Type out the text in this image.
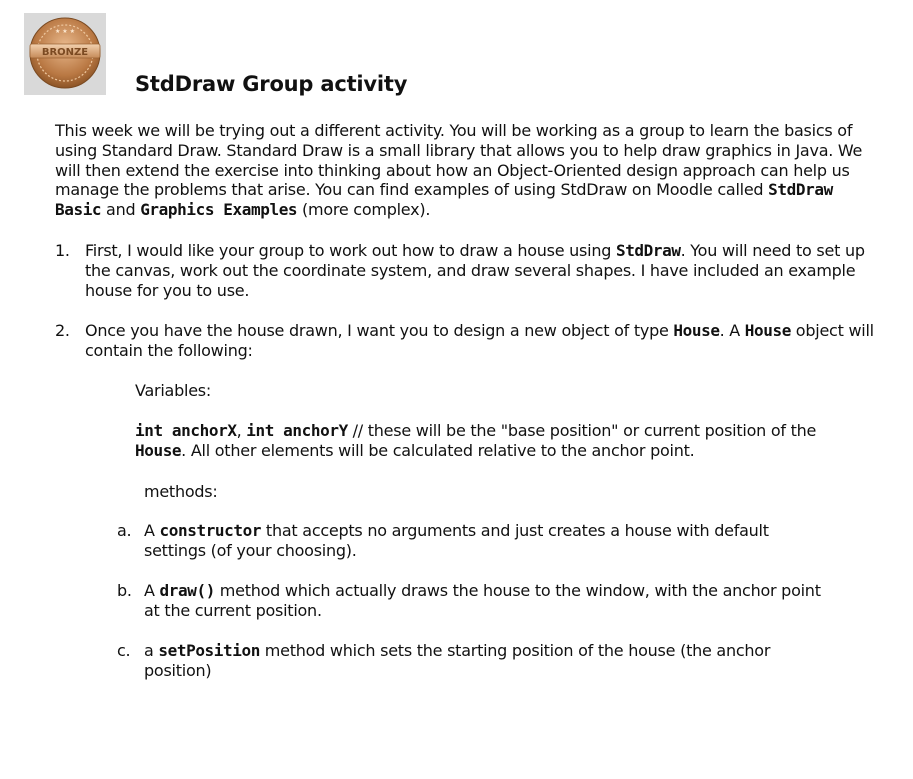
★ ★ ★
BRONZE
StdDraw Group activity
This week we will be trying out a different activity. You will be working as a group to learn the basics of using Standard Draw. Standard Draw is a small library that allows you to help draw graphics in Java. We will then extend the exercise into thinking about how an Object-Oriented design approach can help us manage the problems that arise. You can find examples of using StdDraw on Moodle called StdDraw Basic and Graphics Examples (more complex).
1. First, I would like your group to work out how to draw a house using StdDraw. You will need to set up the canvas, work out the coordinate system, and draw several shapes. I have included an example house for you to use.
2. Once you have the house drawn, I want you to design a new object of type House. A House object will contain the following:
Variables:
int anchorX, int anchorY // these will be the "base position" or current position of the House. All other elements will be calculated relative to the anchor point.
methods:
a. A constructor that accepts no arguments and just creates a house with default settings (of your choosing).
b. A draw() method which actually draws the house to the window, with the anchor point at the current position.
c. a setPosition method which sets the starting position of the house (the anchor position)
